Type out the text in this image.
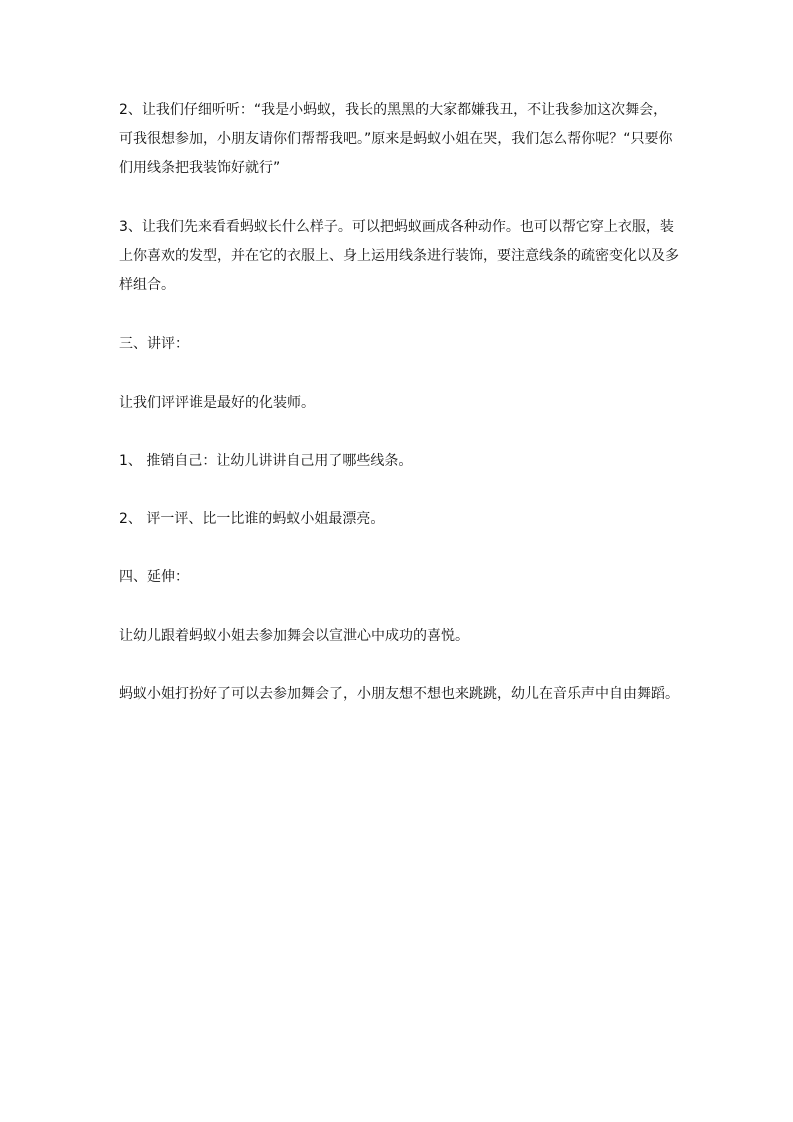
2、让我们仔细听听：“我是小蚂蚁，我长的黑黑的大家都嫌我丑，不让我参加这次舞会，
可我很想参加，小朋友请你们帮帮我吧。”原来是蚂蚁小姐在哭，我们怎么帮你呢？“只要你
们用线条把我装饰好就行”

3、让我们先来看看蚂蚁长什么样子。可以把蚂蚁画成各种动作。也可以帮它穿上衣服，装
上你喜欢的发型，并在它的衣服上、身上运用线条进行装饰，要注意线条的疏密变化以及多
样组合。

三、讲评：

让我们评评谁是最好的化装师。

1、 推销自己：让幼儿讲讲自己用了哪些线条。

2、 评一评、比一比谁的蚂蚁小姐最漂亮。

四、延伸：

让幼儿跟着蚂蚁小姐去参加舞会以宣泄心中成功的喜悦。

蚂蚁小姐打扮好了可以去参加舞会了，小朋友想不想也来跳跳，幼儿在音乐声中自由舞蹈。
